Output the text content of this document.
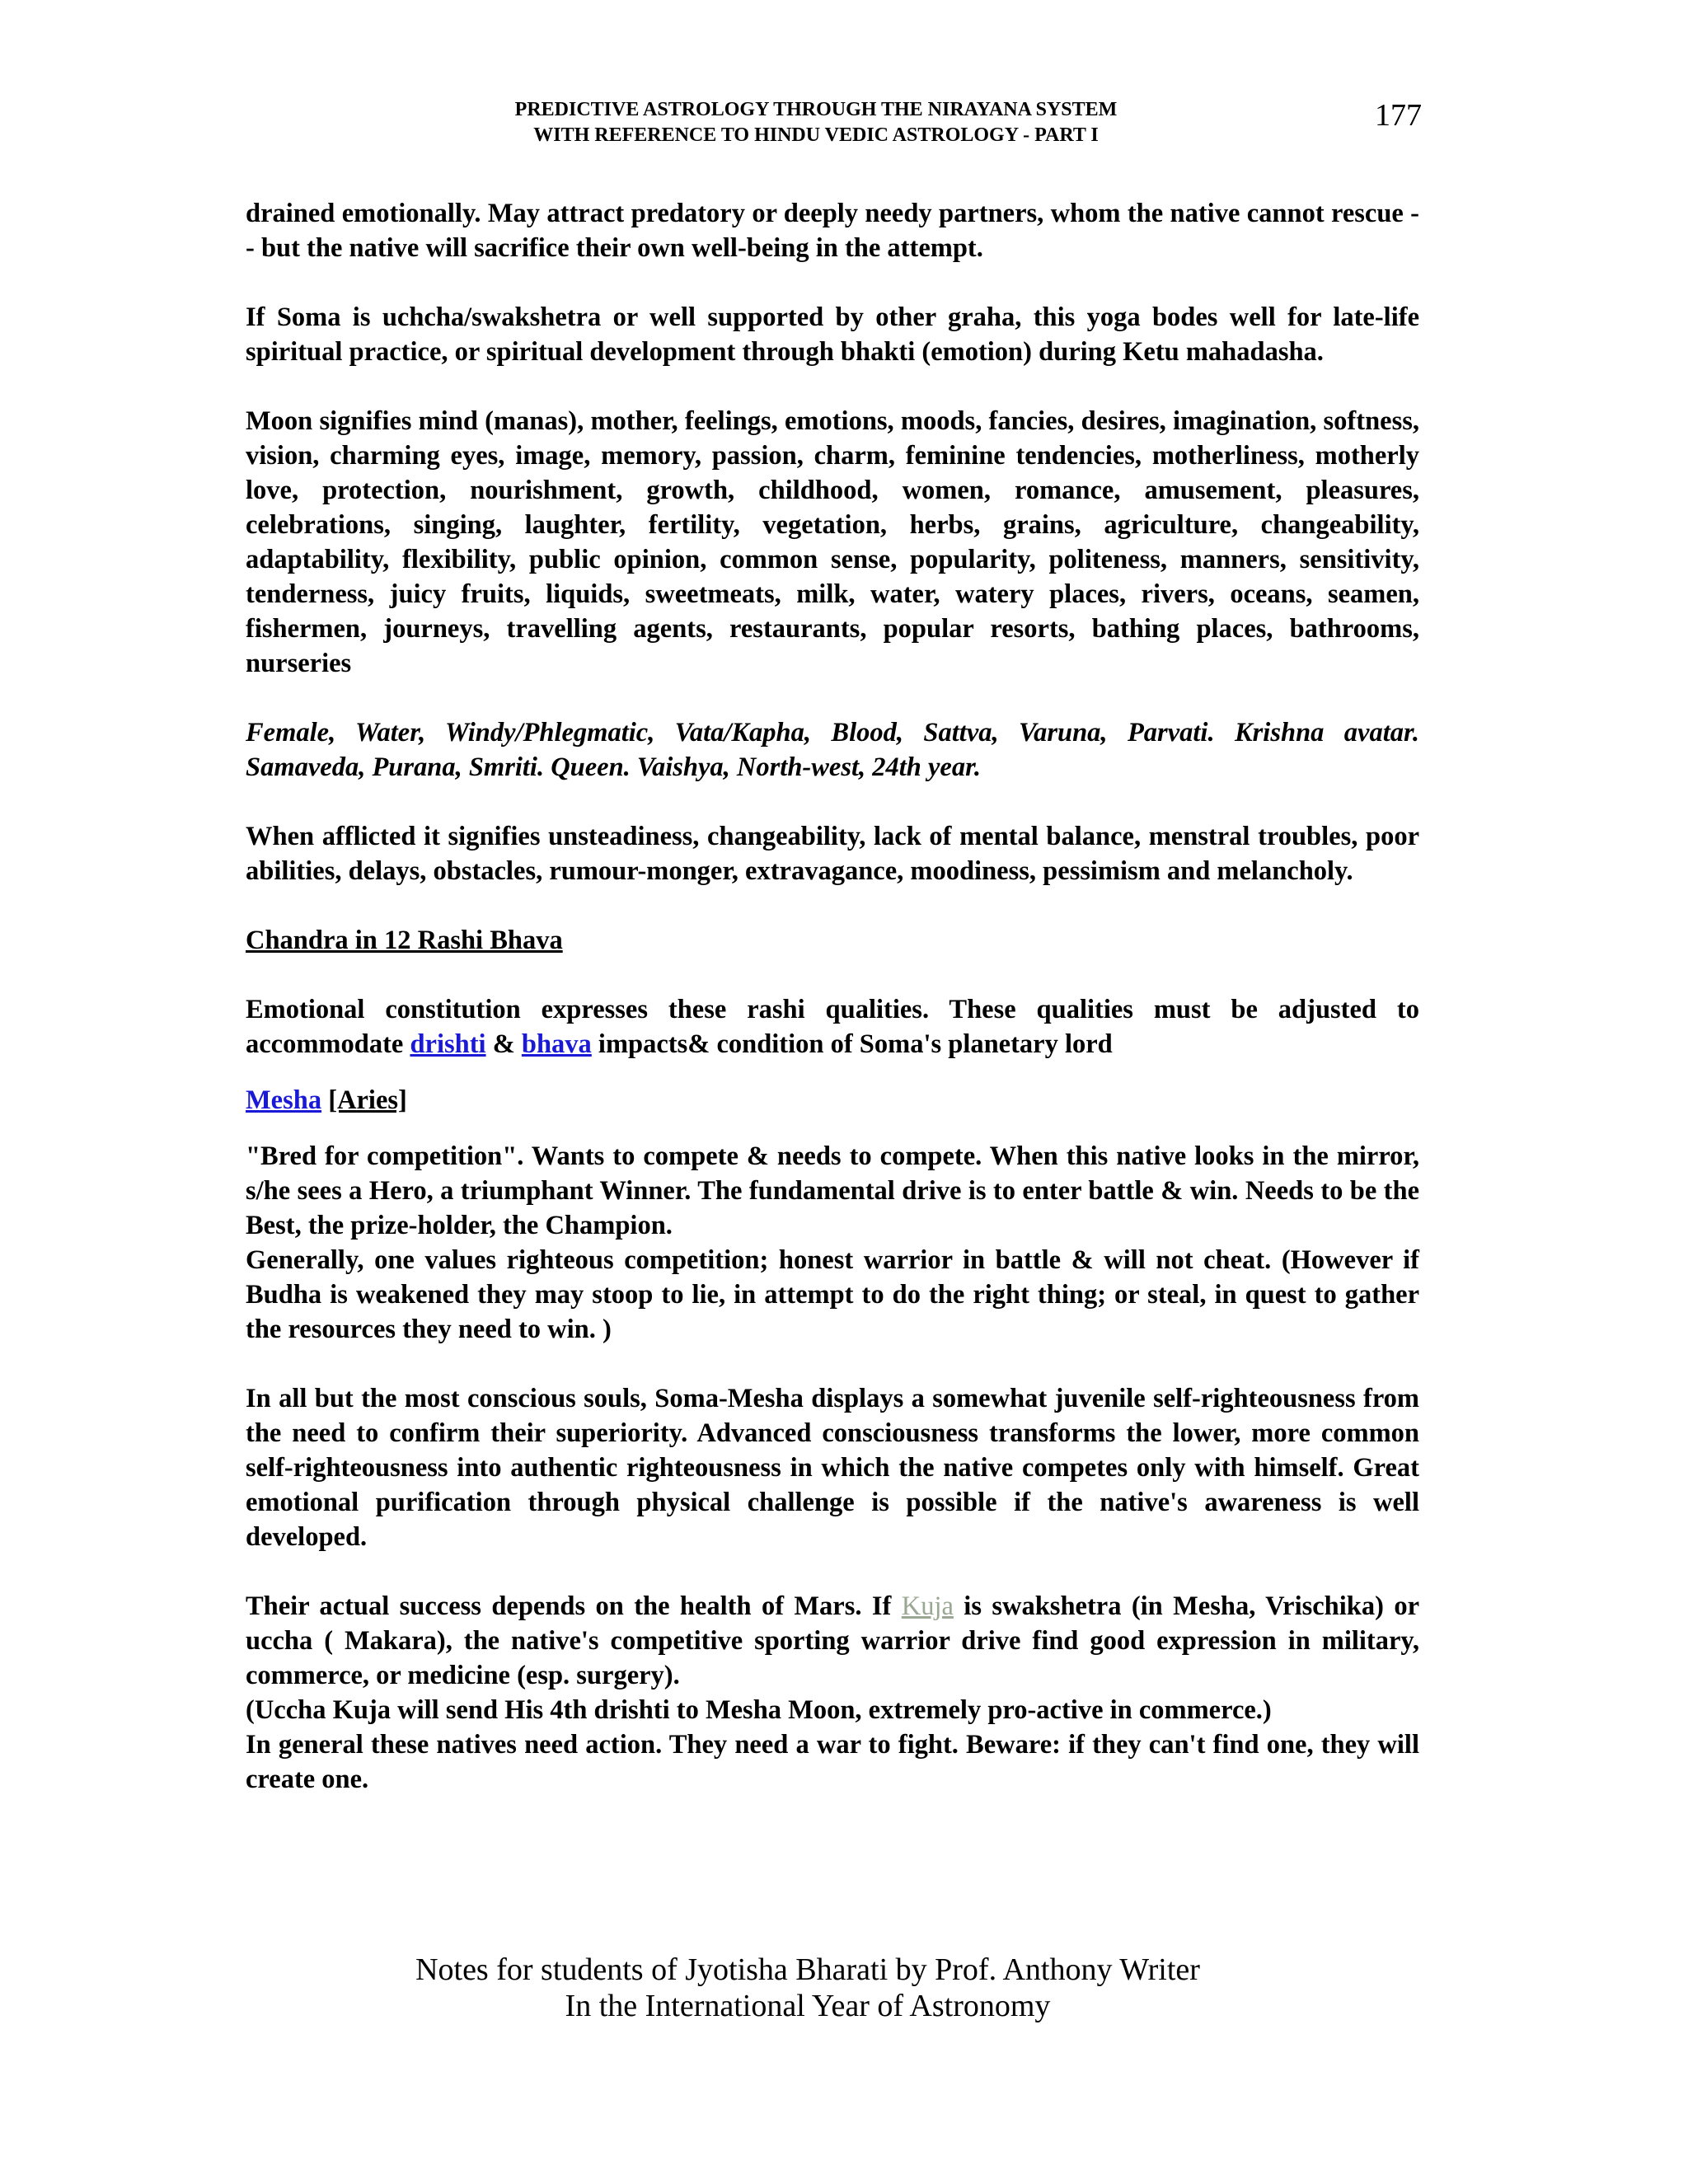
PREDICTIVE ASTROLOGY THROUGH THE NIRAYANA SYSTEM
WITH REFERENCE TO HINDU VEDIC ASTROLOGY - PART I
177

drained emotionally. May attract predatory or deeply needy partners, whom the native cannot rescue -- but the native will sacrifice their own well-being in the attempt.

If Soma is uchcha/swakshetra or well supported by other graha, this yoga bodes well for late-life spiritual practice, or spiritual development through bhakti (emotion) during Ketu mahadasha.

Moon signifies mind (manas), mother, feelings, emotions, moods, fancies, desires, imagination, softness, vision, charming eyes, image, memory, passion, charm, feminine tendencies, motherliness, motherly love, protection, nourishment, growth, childhood, women, romance, amusement, pleasures, celebrations, singing, laughter, fertility, vegetation, herbs, grains, agriculture, changeability, adaptability, flexibility, public opinion, common sense, popularity, politeness, manners, sensitivity, tenderness, juicy fruits, liquids, sweetmeats, milk, water, watery places, rivers, oceans, seamen, fishermen, journeys, travelling agents, restaurants, popular resorts, bathing places, bathrooms, nurseries

Female, Water, Windy/Phlegmatic, Vata/Kapha, Blood, Sattva, Varuna, Parvati. Krishna avatar. Samaveda, Purana, Smriti. Queen. Vaishya, North-west, 24th year.

When afflicted it signifies unsteadiness, changeability, lack of mental balance, menstral troubles, poor abilities, delays, obstacles, rumour-monger, extravagance, moodiness, pessimism and melancholy.

Chandra in 12 Rashi Bhava

Emotional constitution expresses these rashi qualities. These qualities must be adjusted to accommodate drishti & bhava impacts& condition of Soma's planetary lord

Mesha [Aries]

"Bred for competition". Wants to compete & needs to compete. When this native looks in the mirror, s/he sees a Hero, a triumphant Winner. The fundamental drive is to enter battle & win. Needs to be the Best, the prize-holder, the Champion.

Generally, one values righteous competition; honest warrior in battle & will not cheat. (However if Budha is weakened they may stoop to lie, in attempt to do the right thing; or steal, in quest to gather the resources they need to win. )

In all but the most conscious souls, Soma-Mesha displays a somewhat juvenile self-righteousness from the need to confirm their superiority. Advanced consciousness transforms the lower, more common self-righteousness into authentic righteousness in which the native competes only with himself. Great emotional purification through physical challenge is possible if the native's awareness is well developed.

Their actual success depends on the health of Mars. If Kuja is swakshetra (in Mesha, Vrischika) or uccha ( Makara), the native's competitive sporting warrior drive find good expression in military, commerce, or medicine (esp. surgery).

(Uccha Kuja will send His 4th drishti to Mesha Moon, extremely pro-active in commerce.)

In general these natives need action. They need a war to fight. Beware: if they can't find one, they will create one.

Notes for students of Jyotisha Bharati by Prof. Anthony Writer
In the International Year of Astronomy
